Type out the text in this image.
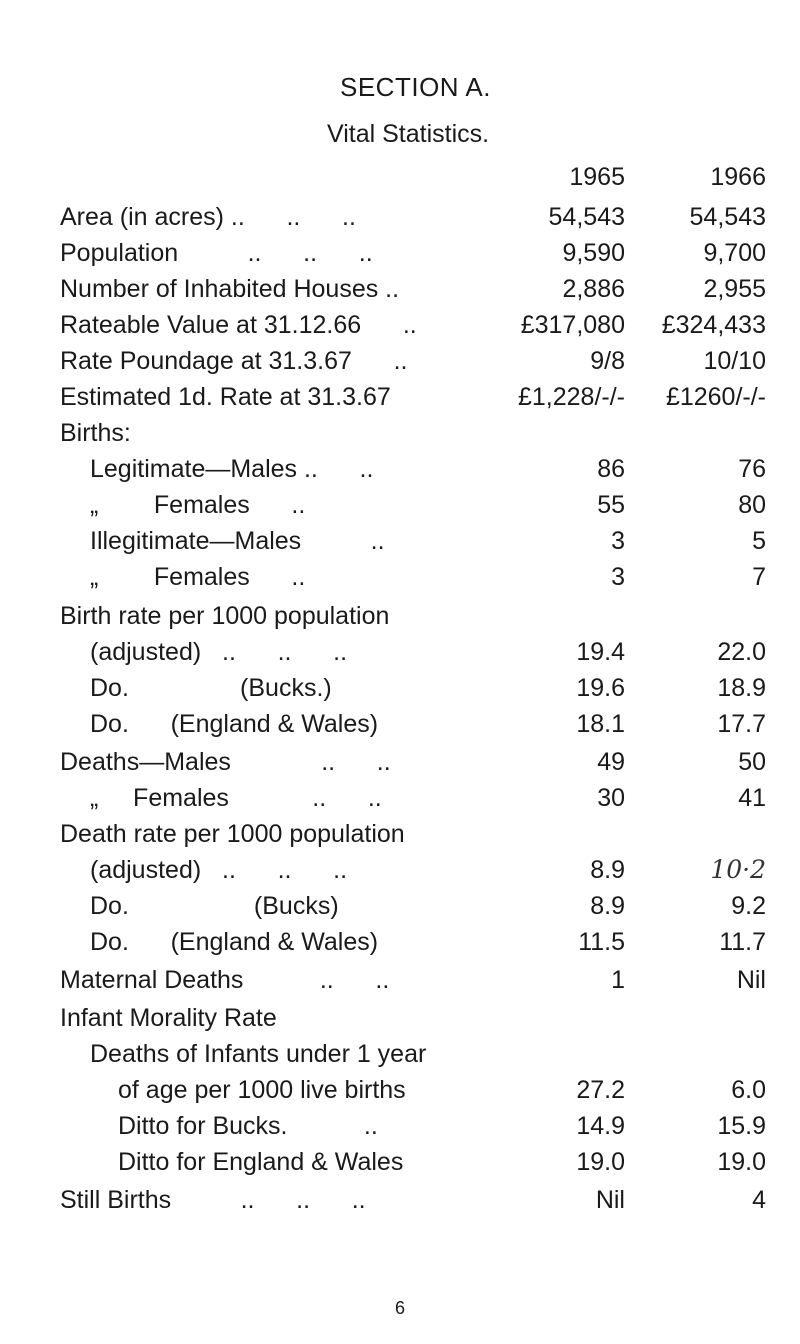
SECTION A.
Vital Statistics.
1965	1966
Area (in acres) ..      ..      ..	54,543	54,543
Population          ..      ..      ..	9,590	9,700
Number of Inhabited Houses ..	2,886	2,955
Rateable Value at 31.12.66      ..	£317,080 £324,433
Rate Poundage at 31.3.67      ..	9/8	10/10
Estimated 1d. Rate at 31.3.67	£1,228/-/- £1260/-/-
Births:
Legitimate—Males ..      ..	86	76
„        Females      ..	55	80
Illegitimate—Males          ..	3	5
„        Females      ..	3	7
Birth rate per 1000 population
(adjusted)   ..      ..      ..	19.4	22.0
Do.                (Bucks.)	19.6	18.9
Do.      (England & Wales)	18.1	17.7
Deaths—Males             ..      ..	49	50
„     Females            ..      ..	30	41
Death rate per 1000 population
(adjusted)   ..      ..      ..	8.9	10·2
Do.                  (Bucks)	8.9	9.2
Do.      (England & Wales)	11.5	11.7
Maternal Deaths           ..      ..	1	Nil
Infant Morality Rate
Deaths of Infants under 1 year
of age per 1000 live births	27.2	6.0
Ditto for Bucks.           ..	14.9	15.9
Ditto for England & Wales	19.0	19.0
Still Births          ..      ..      ..	Nil	4
6
